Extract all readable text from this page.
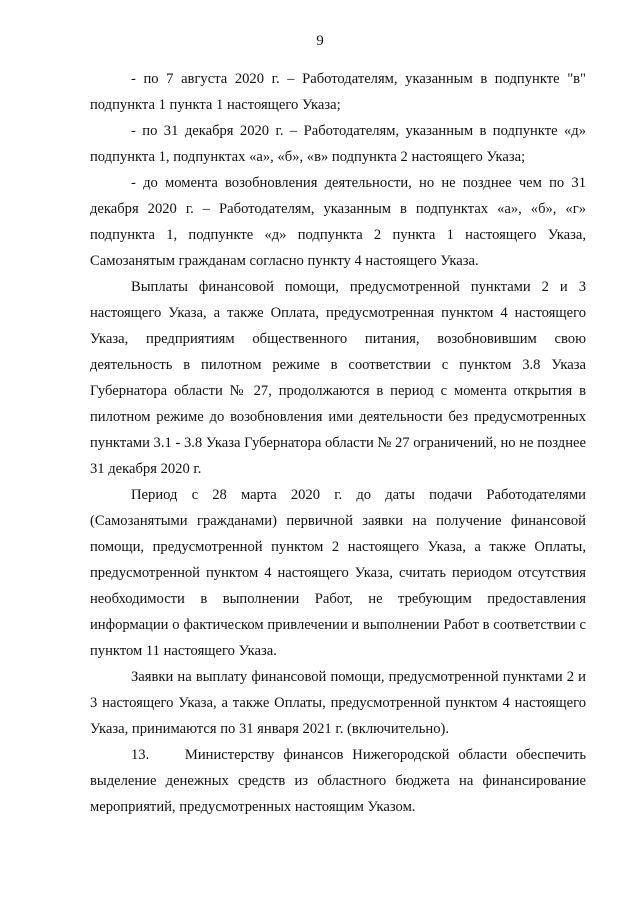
9

- по 7 августа 2020 г. – Работодателям, указанным в подпункте "в" подпункта 1 пункта 1 настоящего Указа;

- по 31 декабря 2020 г. – Работодателям, указанным в подпункте «д» подпункта 1, подпунктах «а», «б», «в» подпункта 2 настоящего Указа;

- до момента возобновления деятельности, но не позднее чем по 31 декабря 2020 г. – Работодателям, указанным в подпунктах «а», «б», «г» подпункта 1, подпункте «д» подпункта 2 пункта 1 настоящего Указа, Самозанятым гражданам согласно пункту 4 настоящего Указа.

Выплаты финансовой помощи, предусмотренной пунктами 2 и 3 настоящего Указа, а также Оплата, предусмотренная пунктом 4 настоящего Указа, предприятиям общественного питания, возобновившим свою деятельность в пилотном режиме в соответствии с пунктом 3.8 Указа Губернатора области № 27, продолжаются в период с момента открытия в пилотном режиме до возобновления ими деятельности без предусмотренных пунктами 3.1 - 3.8 Указа Губернатора области № 27 ограничений, но не позднее 31 декабря 2020 г.

Период с 28 марта 2020 г. до даты подачи Работодателями (Самозанятыми гражданами) первичной заявки на получение финансовой помощи, предусмотренной пунктом 2 настоящего Указа, а также Оплаты, предусмотренной пунктом 4 настоящего Указа, считать периодом отсутствия необходимости в выполнении Работ, не требующим предоставления информации о фактическом привлечении и выполнении Работ в соответствии с пунктом 11 настоящего Указа.

Заявки на выплату финансовой помощи, предусмотренной пунктами 2 и 3 настоящего Указа, а также Оплаты, предусмотренной пунктом 4 настоящего Указа, принимаются по 31 января 2021 г. (включительно).

13.    Министерству финансов Нижегородской области обеспечить выделение денежных средств из областного бюджета на финансирование мероприятий, предусмотренных настоящим Указом.
